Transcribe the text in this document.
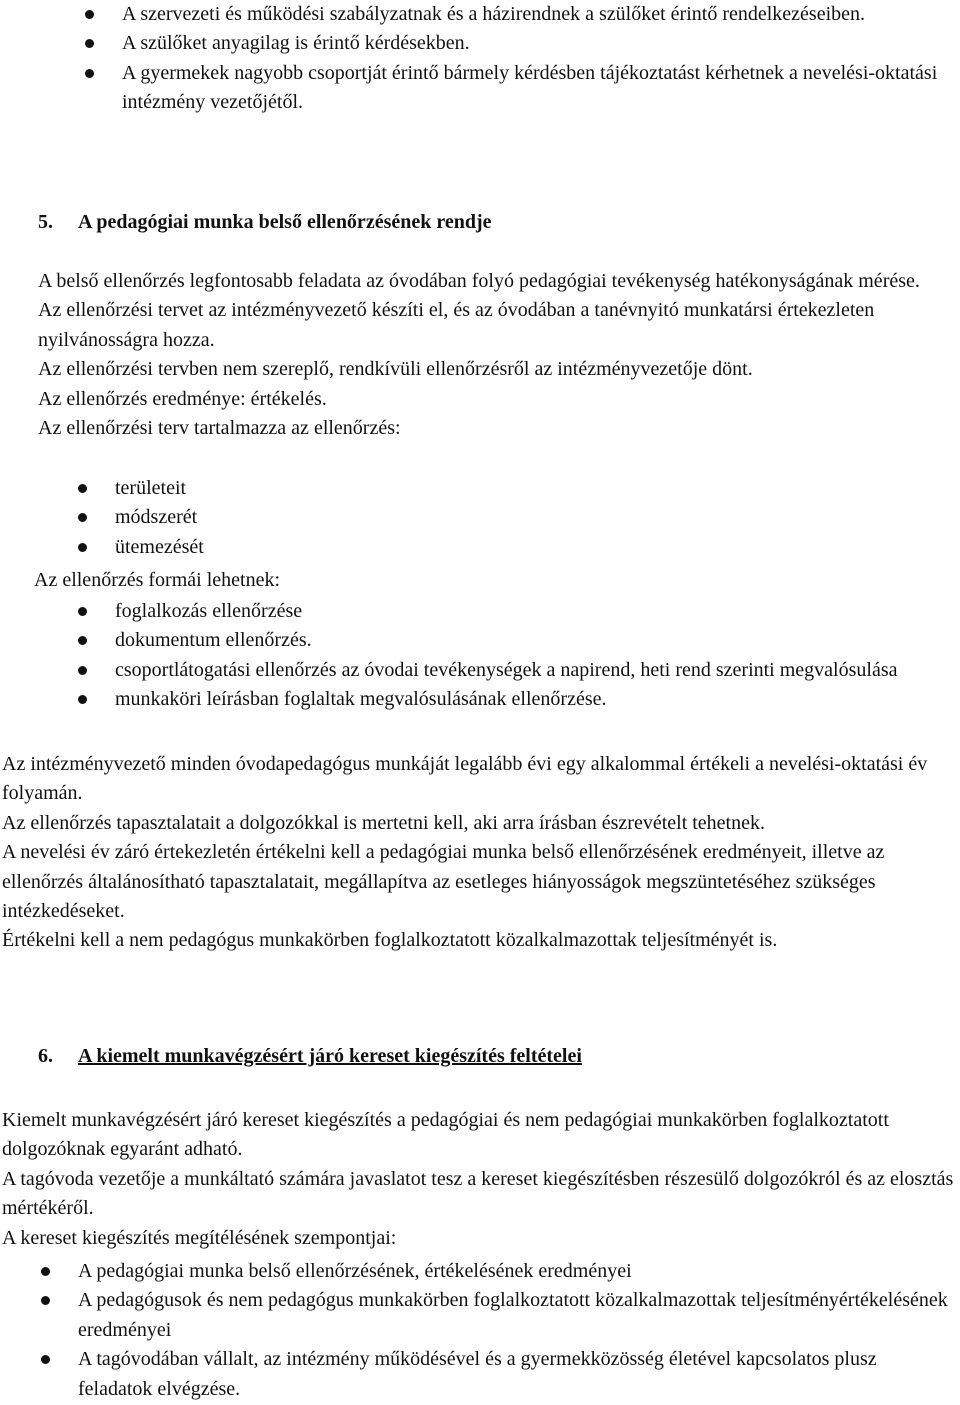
A szervezeti és működési szabályzatnak és a házirendnek a szülőket érintő rendelkezéseiben.
A szülőket anyagilag is érintő kérdésekben.
A gyermekek nagyobb csoportját érintő bármely kérdésben tájékoztatást kérhetnek a nevelési-oktatási intézmény vezetőjétől.
5. A pedagógiai munka belső ellenőrzésének rendje

A belső ellenőrzés legfontosabb feladata az óvodában folyó pedagógiai tevékenység hatékonyságának mérése.

Az ellenőrzési tervet az intézményvezető készíti el, és az óvodában a tanévnyitó munkatársi értekezleten nyilvánosságra hozza.

Az ellenőrzési tervben nem szereplő, rendkívüli ellenőrzésről az intézményvezetője dönt.

Az ellenőrzés eredménye: értékelés.

Az ellenőrzési terv tartalmazza az ellenőrzés:

területeit
módszerét
ütemezését
Az ellenőrzés formái lehetnek:
foglalkozás ellenőrzése
dokumentum ellenőrzés.
csoportlátogatási ellenőrzés az óvodai tevékenységek a napirend, heti rend szerinti megvalósulása
munkaköri leírásban foglaltak megvalósulásának ellenőrzése.

Az intézményvezető minden óvodapedagógus munkáját legalább évi egy alkalommal értékeli a nevelési-oktatási év folyamán.

Az ellenőrzés tapasztalatait a dolgozókkal is mertetni kell, aki arra írásban észrevételt tehetnek.

A nevelési év záró értekezletén értékelni kell a pedagógiai munka belső ellenőrzésének eredményeit, illetve az ellenőrzés általánosítható tapasztalatait, megállapítva az esetleges hiányosságok megszüntetéséhez szükséges intézkedéseket.

Értékelni kell a nem pedagógus munkakörben foglalkoztatott közalkalmazottak teljesítményét is.

6. A kiemelt munkavégzésért járó kereset kiegészítés feltételei

Kiemelt munkavégzésért járó kereset kiegészítés a pedagógiai és nem pedagógiai munkakörben foglalkoztatott dolgozóknak egyaránt adható.

A tagóvoda vezetője a munkáltató számára javaslatot tesz a kereset kiegészítésben részesülő dolgozókról és az elosztás mértékéről.

A kereset kiegészítés megítélésének szempontjai:

A pedagógiai munka belső ellenőrzésének, értékelésének eredményei
A pedagógusok és nem pedagógus munkakörben foglalkoztatott közalkalmazottak teljesítményértékelésének eredményei
A tagóvodában vállalt, az intézmény működésével és a gyermekközösség életével kapcsolatos plusz feladatok elvégzése.
